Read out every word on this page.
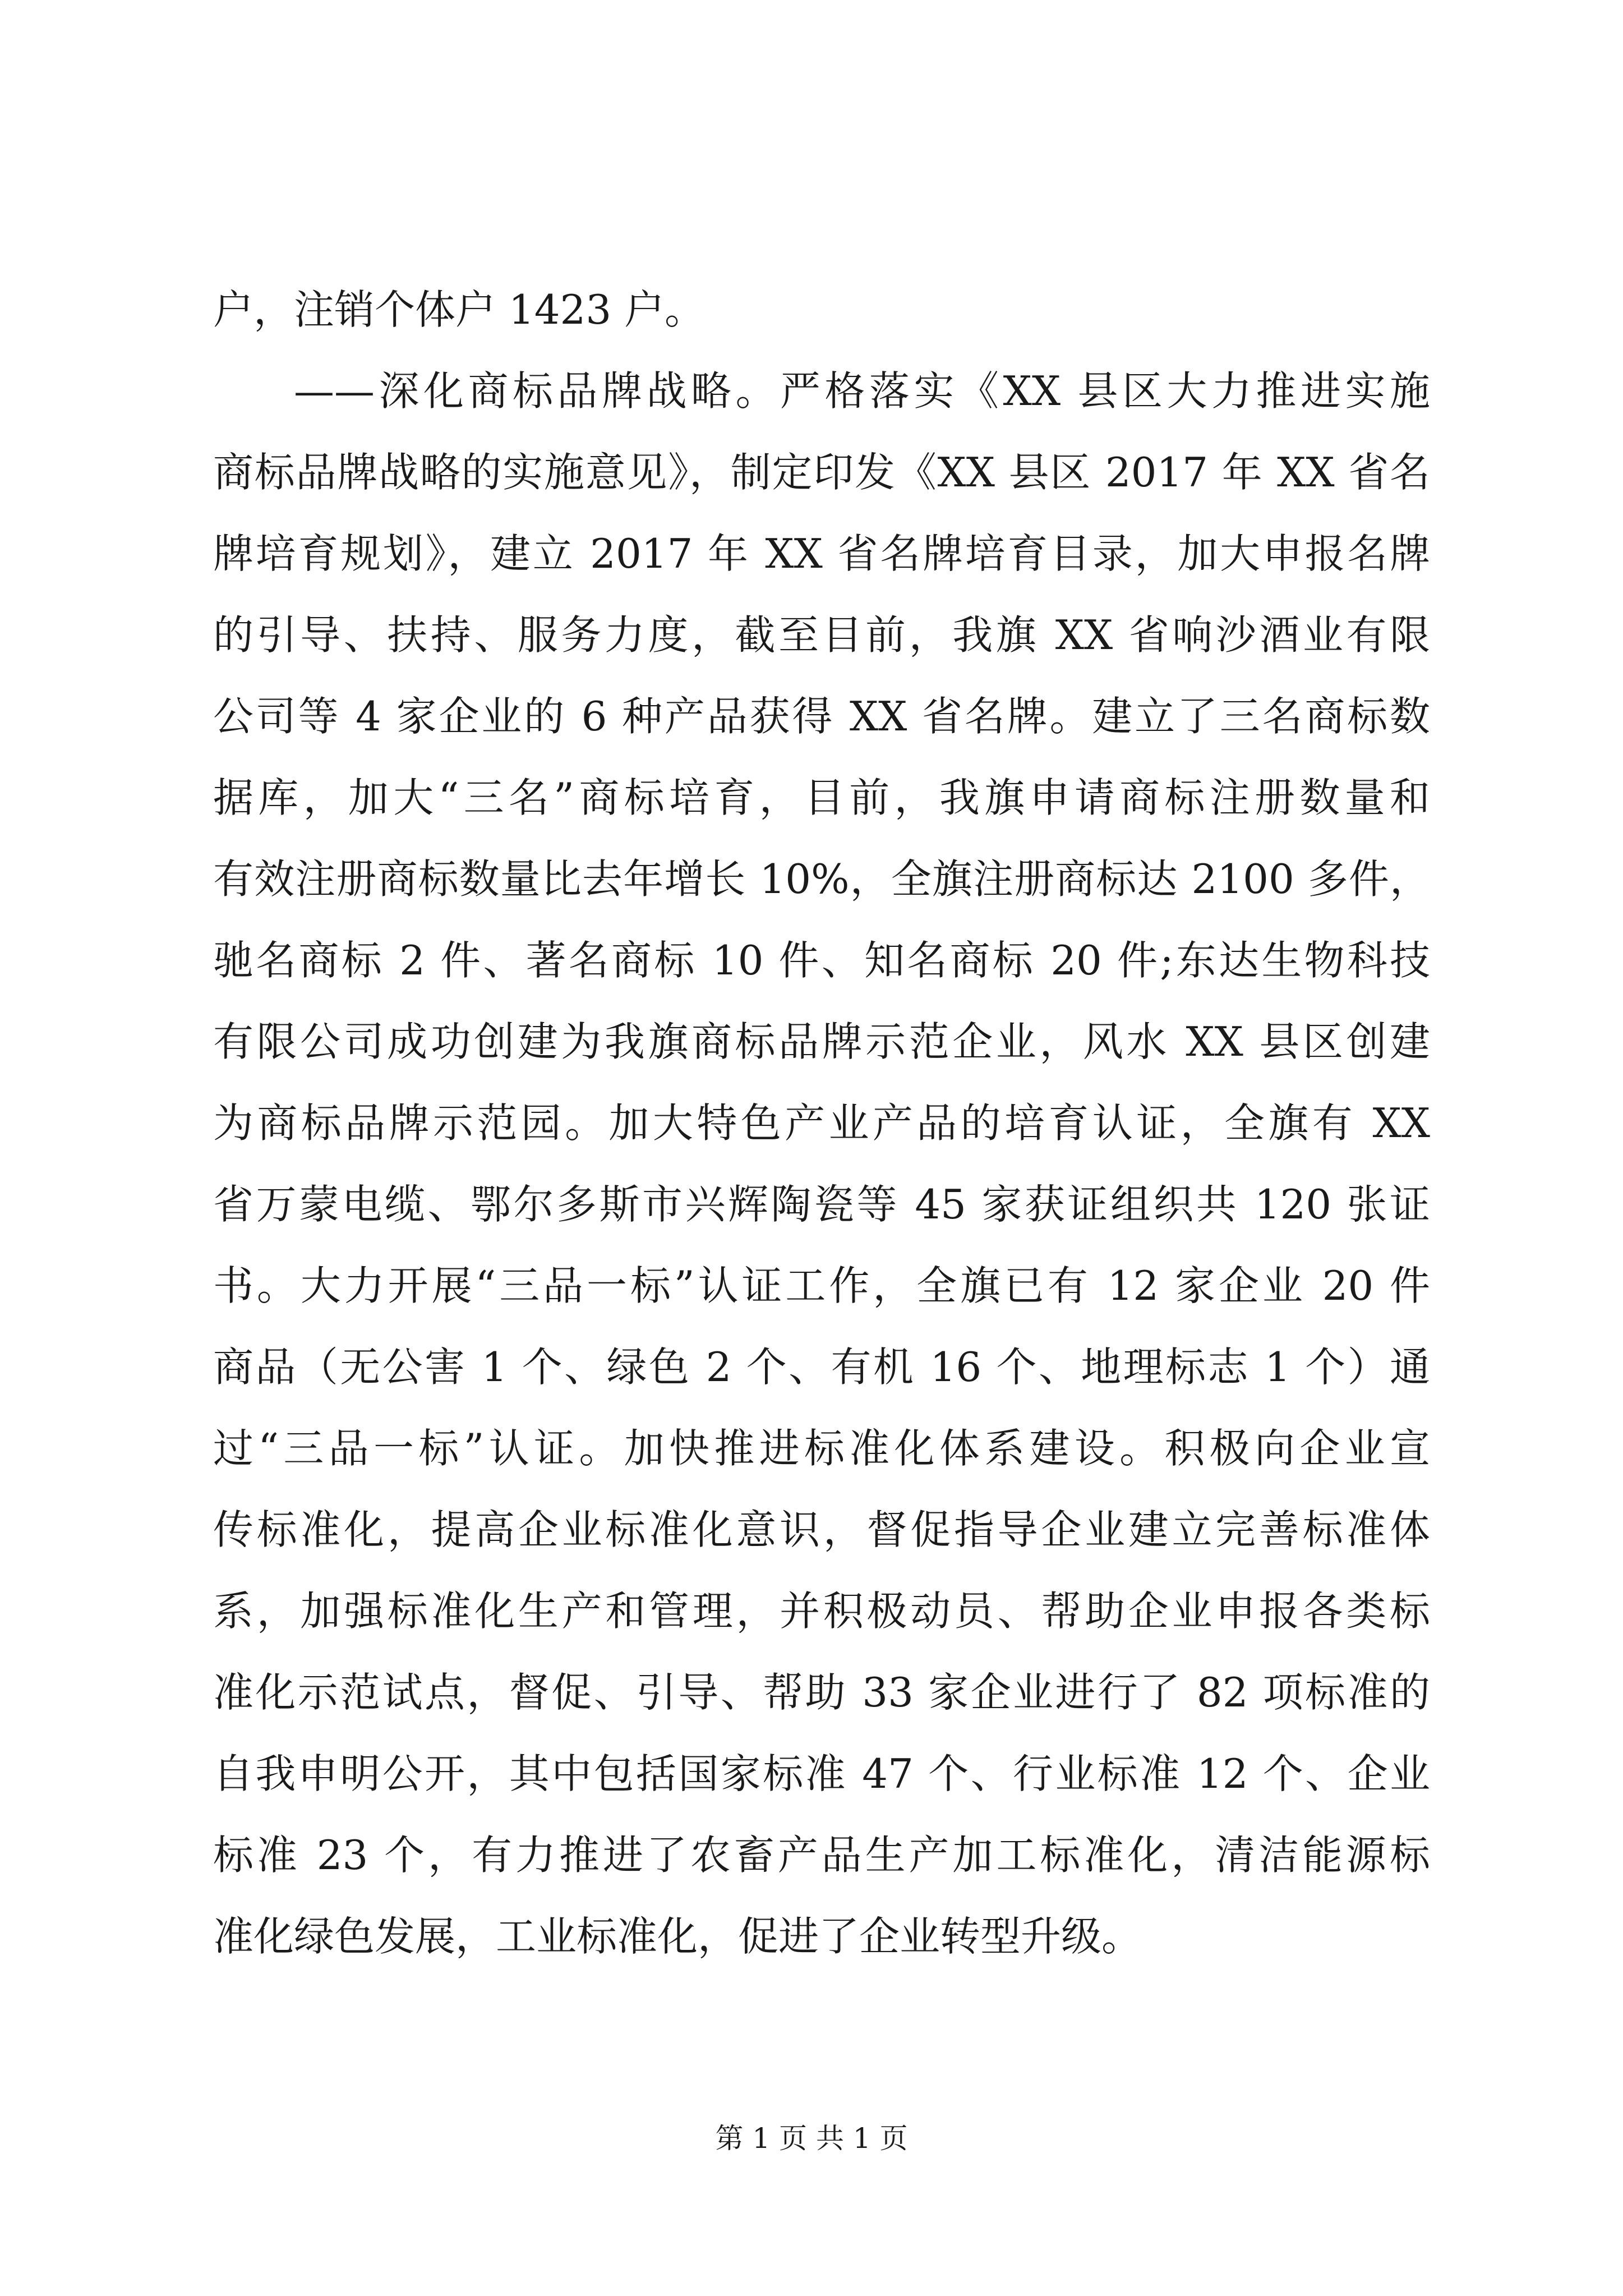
户，注销个体户 1423 户。
——深化商标品牌战略。严格落实《XX 县区大力推进实施
商标品牌战略的实施意见》，制定印发《XX 县区 2017 年 XX 省名
牌培育规划》，建立 2017 年 XX 省名牌培育目录，加大申报名牌
的引导、扶持、服务力度，截至目前，我旗 XX 省响沙酒业有限
公司等 4 家企业的 6 种产品获得 XX 省名牌。建立了三名商标数
据库，加大“三名”商标培育，目前，我旗申请商标注册数量和
有效注册商标数量比去年增长 10%，全旗注册商标达 2100 多件，
驰名商标 2 件、著名商标 10 件、知名商标 20 件;东达生物科技
有限公司成功创建为我旗商标品牌示范企业，风水 XX 县区创建
为商标品牌示范园。加大特色产业产品的培育认证，全旗有 XX
省万蒙电缆、鄂尔多斯市兴辉陶瓷等 45 家获证组织共 120 张证
书。大力开展“三品一标”认证工作，全旗已有 12 家企业 20 件
商品（无公害 1 个、绿色 2 个、有机 16 个、地理标志 1 个）通
过“三品一标”认证。加快推进标准化体系建设。积极向企业宣
传标准化，提高企业标准化意识，督促指导企业建立完善标准体
系，加强标准化生产和管理，并积极动员、帮助企业申报各类标
准化示范试点，督促、引导、帮助 33 家企业进行了 82 项标准的
自我申明公开，其中包括国家标准 47 个、行业标准 12 个、企业
标准 23 个，有力推进了农畜产品生产加工标准化，清洁能源标
准化绿色发展，工业标准化，促进了企业转型升级。
第 1 页 共 1 页
